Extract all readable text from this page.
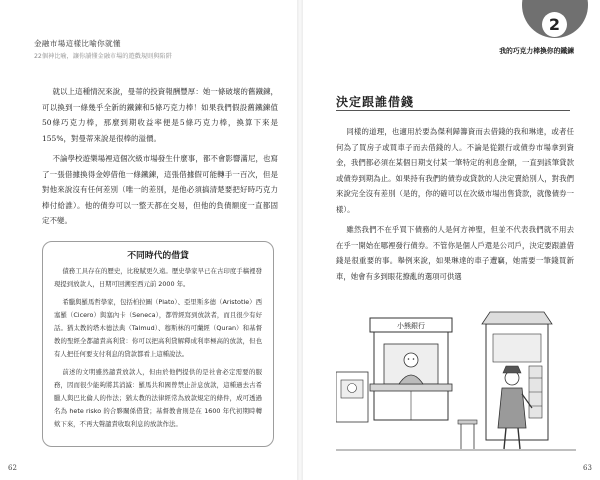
金融市場這樣比喻你就懂
22個神比喻，讓你讀懂金融市場的遊戲規則與陷阱

就以上這種情況來說，曼蒂的投資報酬豐厚：她一條破壞的舊鐵鍊，可以換到一條幾乎全新的鐵鍊和5條巧克力棒！如果我們假設舊鐵鍊值50條巧克力棒，那麼到期收益率便是5條巧克力棒，換算下來是155%，對曼蒂來說是很棒的溢價。

不論學校遊樂場裡這個次級市場發生什麼事，都不會影響滿尼，也寫了一張借據換得金婷借他一條鐵鍊，這張借據假可能轉手一百次，但是對他來說沒有任何差別（唯一的差別，是他必須搞清楚要把好時巧克力棒付給誰）。他的債券可以一整天都在交易，但他的負債額度一直都固定不變。

不同時代的借貸

債務工具存在的歷史，比稅賦更久遠。歷史學家早已在古印度手稿裡發現提到放款人，日期可回溯至西元前 2000 年。

希臘與羅馬哲學家，包括柏拉圖（Plato）、亞里斯多德（Aristotle）西塞羅（Cicero）與塞內卡（Seneca），都曾經寫到放款者，而且很少有好話。猶太教的塔木德法典（Talmud）、穆斯林的可蘭經（Quran）和基督教的聖經全都譴責高利貸：你可以把高利貸解釋成利率極高的放款，但也有人把任何要支付利息的貸款都看上這種說法。

前述的文明雖然譴責放款人，但由於他們提供的是社會必定需要的服務，因而很少能夠將其消滅：羅馬共和國曾禁止計息放款，這種過去古希臘人與巴比倫人的作法；猶太教的法律經常為放款規定的條件，成可透過名為 hete risko 的合夥關係借貸；基督教會則是在 1600 年代初期時轉欸下來，不再大聲譴責收取利息的放款作法。

62
2
我的巧克力棒換你的鐵鍊
決定跟誰借錢

同樣的道理，也適用於要為傑利歸籌資而去借錢的我和琳達，或者任何為了買房子或買車子而去借錢的人。不論是從銀行或債券市場拿到資金，我們都必須在某個日期支付某一筆特定的利息金額，一直到該筆貸款或債券到期為止。如果持有我們的債券或貸款的人決定賣給別人，對我們來說完全沒有差別（是的，你的確可以在次級市場出售貸款，就像債券一樣）。

雖然我們不在乎買下債務的人是何方神聖，但並不代表我們就不用去在乎一開始在哪裡發行債券。不管你是個人戶還是公司戶，決定要跟誰借錢是很重要的事。舉例來說，如果琳達的車子遭竊，她需要一筆錢買新車，她會有多到眼花撩亂的選項可供選

小熊銀行
63
